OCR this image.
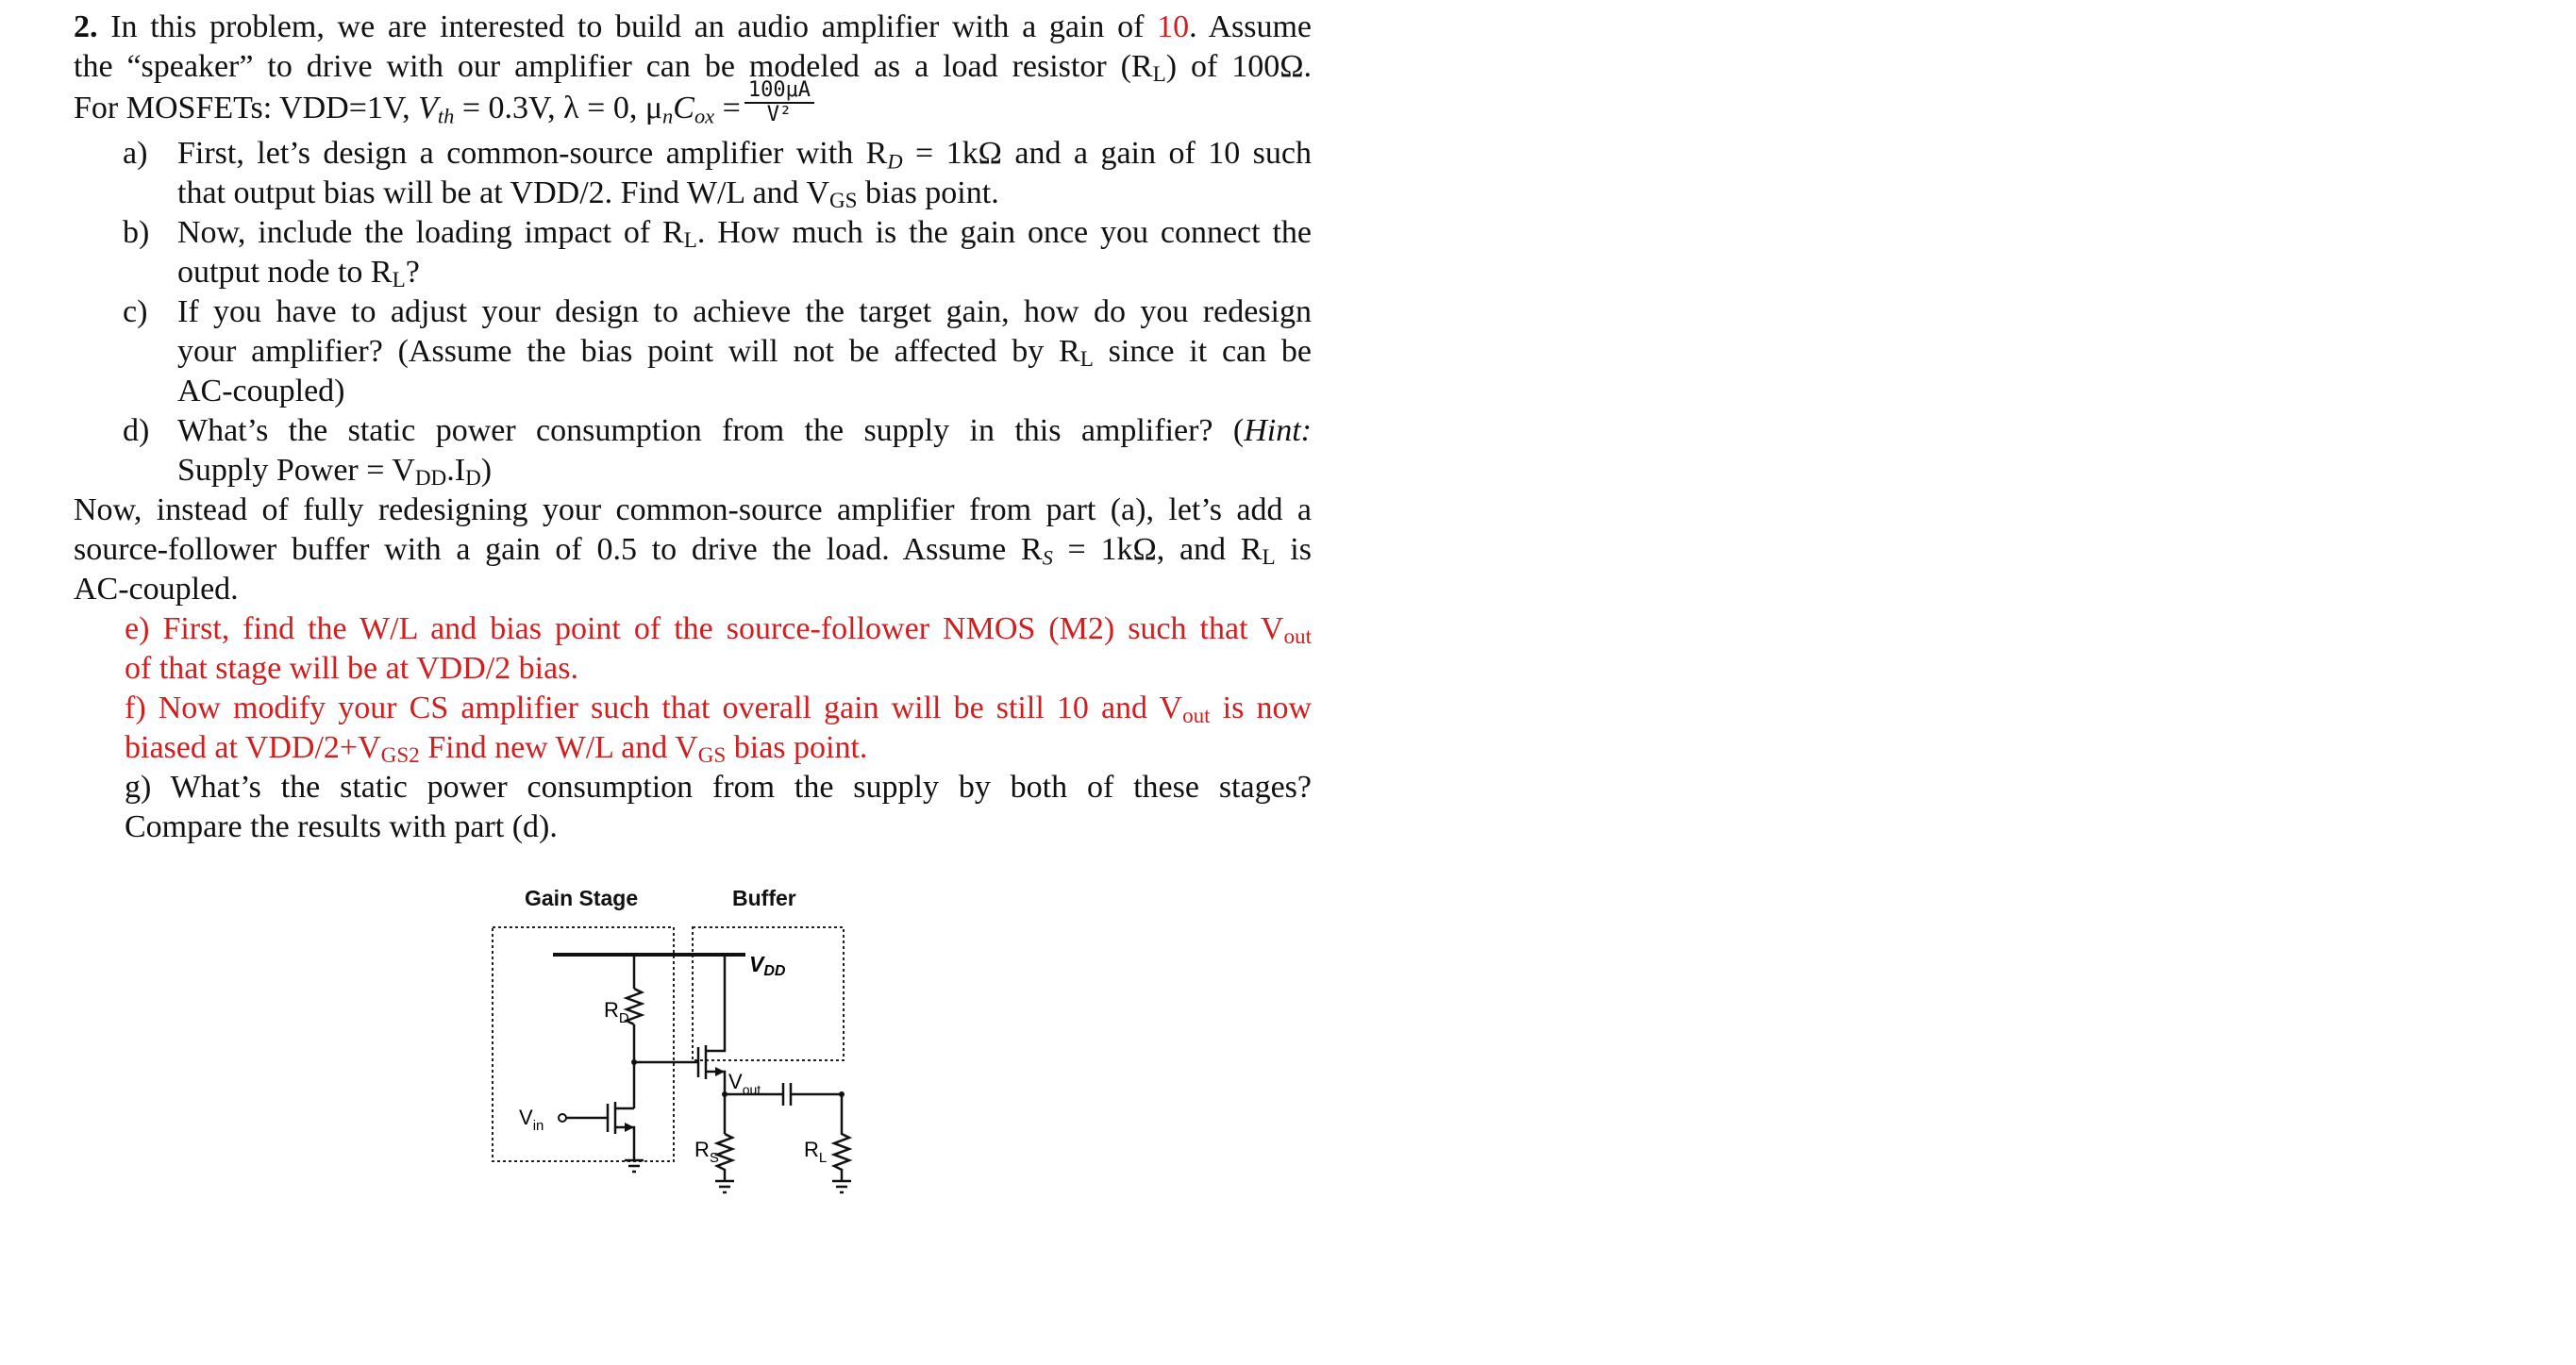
2. In this problem, we are interested to build an audio amplifier with a gain of 10. Assume
the “speaker” to drive with our amplifier can be modeled as a load resistor (RL) of 100Ω.
For MOSFETs: VDD=1V, $V_{th} = 0.3V$, λ = 0, $\mu_nC_{ox} = \frac{100\mu A}{\text{V²}}$
a) First, let’s design a common-source amplifier with $R_D = 1k\Omega$ and a gain of 10 such
that output bias will be at VDD/2. Find W/L and VGS bias point.
b) Now, include the loading impact of RL. How much is the gain once you connect the
output node to RL?
c) If you have to adjust your design to achieve the target gain, how do you redesign
your amplifier? (Assume the bias point will not be affected by RL since it can be
AC-coupled)
d) What’s the static power consumption from the supply in this amplifier? (Hint:
Supply Power = VDD.ID)
Now, instead of fully redesigning your common-source amplifier from part (a), let’s add a
source-follower buffer with a gain of 0.5 to drive the load. Assume $R_S = 1k\Omega$, and RL is
AC-coupled.
e) First, find the W/L and bias point of the source-follower NMOS (M2) such that Vout
of that stage will be at VDD/2 bias.
f) Now modify your CS amplifier such that overall gain will be still 10 and Vout is now
biased at VDD/2+VGS2 Find new W/L and VGS bias point.
g) What’s the static power consumption from the supply by both of these stages?
Compare the results with part (d).
Gain Stage	Buffer
VDD
$R_D$
$V_{in}$
$V_{out}$
$R_S$	$R_L$
